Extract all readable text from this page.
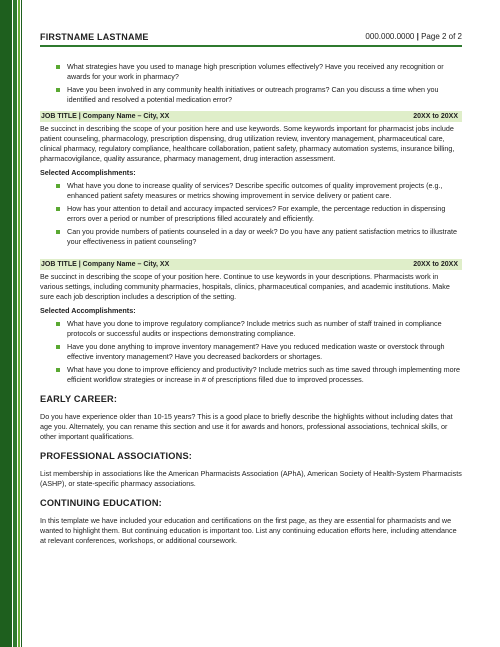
FIRSTNAME LASTNAME	000.000.0000 | Page 2 of 2
What strategies have you used to manage high prescription volumes effectively? Have you received any recognition or awards for your work in pharmacy?
Have you been involved in any community health initiatives or outreach programs? Can you discuss a time when you identified and resolved a potential medication error?
JOB TITLE | Company Name – City, XX	20XX to 20XX

Be succinct in describing the scope of your position here and use keywords. Some keywords important for pharmacist jobs include patient counseling, pharmacology, prescription dispensing, drug utilization review, inventory management, pharmaceutical care, clinical pharmacy, regulatory compliance, healthcare collaboration, patient safety, pharmacy automation systems, insurance billing, pharmacovigilance, quality assurance, pharmacy management, drug interaction assessment.

Selected Accomplishments:
What have you done to increase quality of services? Describe specific outcomes of quality improvement projects (e.g., enhanced patient safety measures or metrics showing improvement in service delivery or patient care.
How has your attention to detail and accuracy impacted services? For example, the percentage reduction in dispensing errors over a period or number of prescriptions filled accurately and efficiently.
Can you provide numbers of patients counseled in a day or week? Do you have any patient satisfaction metrics to illustrate your effectiveness in patient counseling?
JOB TITLE | Company Name – City, XX	20XX to 20XX

Be succinct in describing the scope of your position here. Continue to use keywords in your descriptions. Pharmacists work in various settings, including community pharmacies, hospitals, clinics, pharmaceutical companies, and academic institutions. Make sure each job description includes a description of the setting.

Selected Accomplishments:
What have you done to improve regulatory compliance? Include metrics such as number of staff trained in compliance protocols or successful audits or inspections demonstrating compliance.
Have you done anything to improve inventory management? Have you reduced medication waste or overstock through effective inventory management? Have you decreased backorders or shortages.
What have you done to improve efficiency and productivity? Include metrics such as time saved through implementing more efficient workflow strategies or increase in # of prescriptions filled due to improved processes.
EARLY CAREER:

Do you have experience older than 10-15 years? This is a good place to briefly describe the highlights without including dates that age you. Alternately, you can rename this section and use it for awards and honors, professional associations, technical skills, or other important qualifications.

PROFESSIONAL ASSOCIATIONS:

List membership in associations like the American Pharmacists Association (APhA), American Society of Health-System Pharmacists (ASHP), or state-specific pharmacy associations.

CONTINUING EDUCATION:

In this template we have included your education and certifications on the first page, as they are essential for pharmacists and we wanted to highlight them. But continuing education is important too. List any continuing education efforts here, including attendance at relevant conferences, workshops, or additional coursework.
